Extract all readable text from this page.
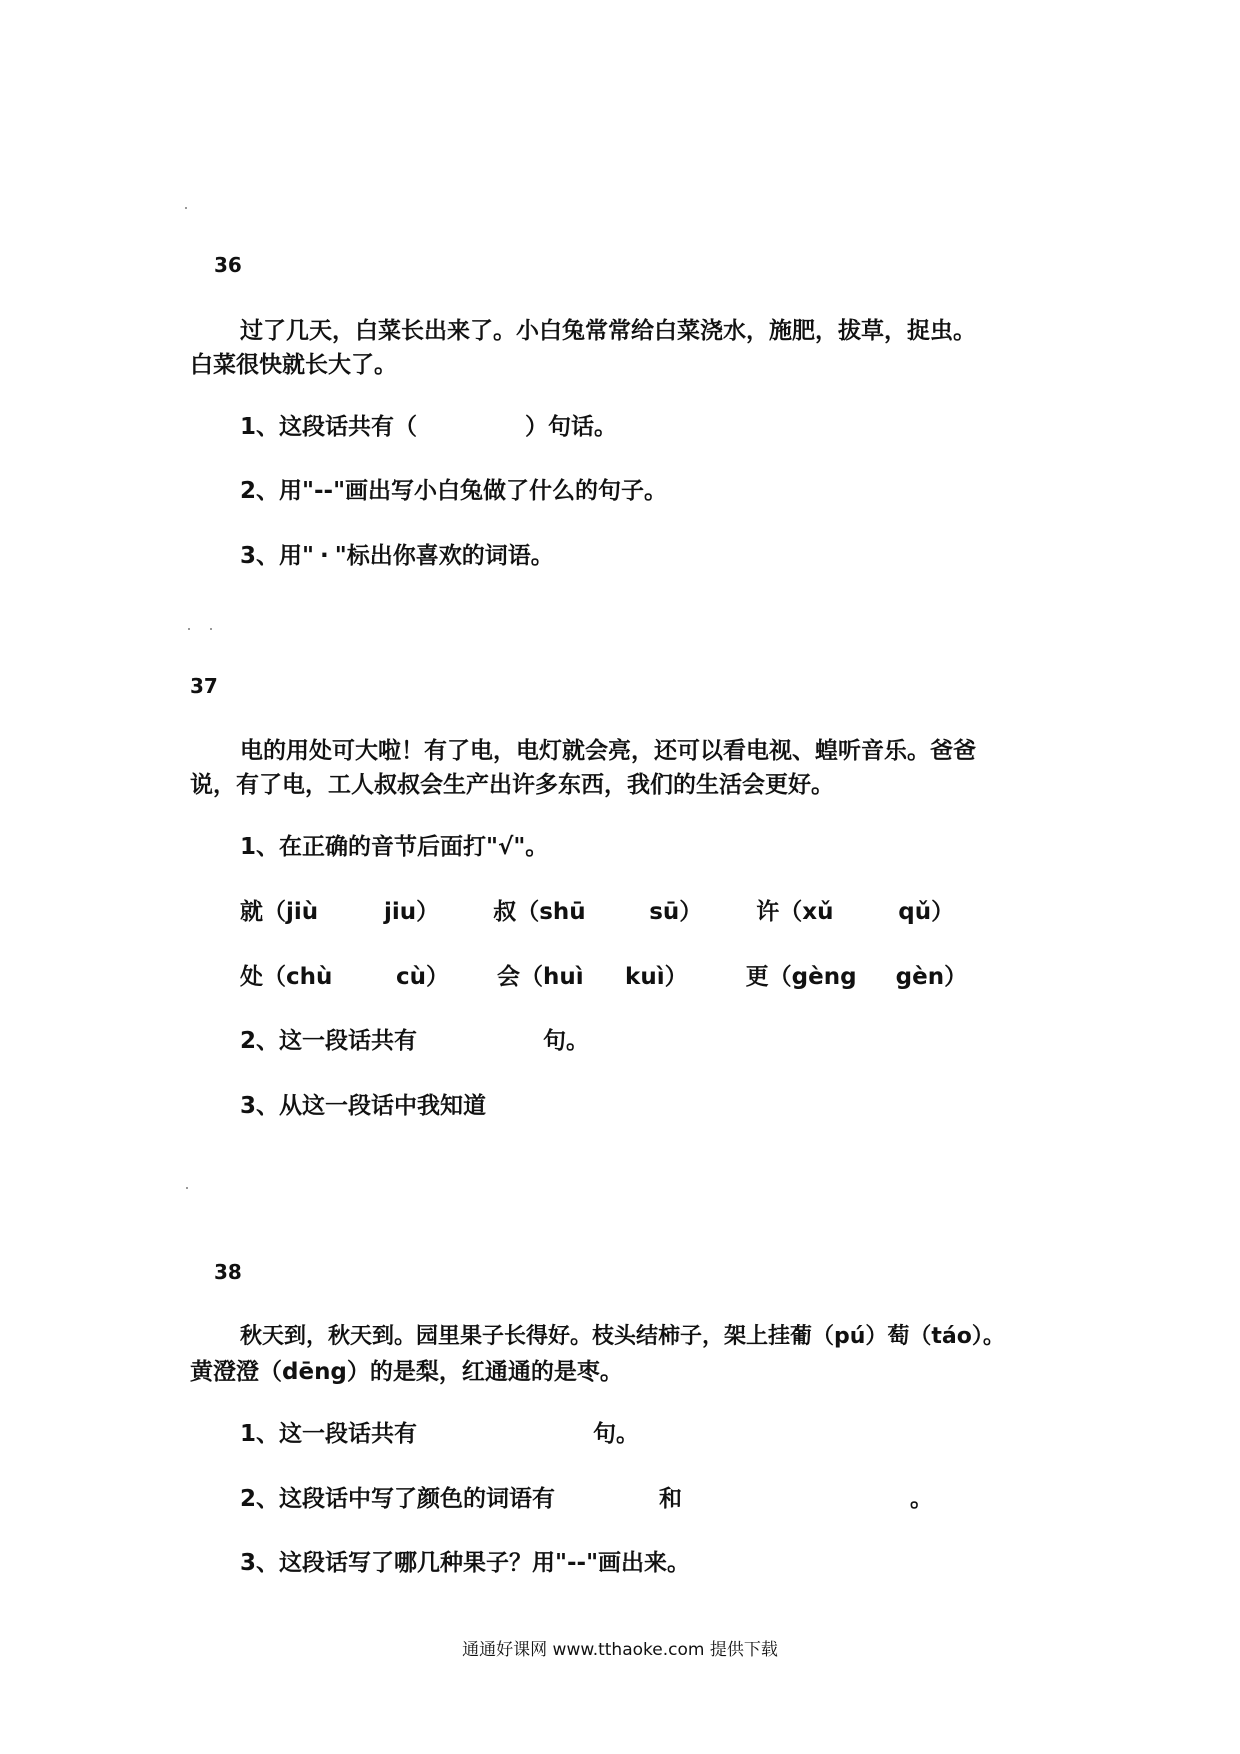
36
过了几天，白菜长出来了。小白兔常常给白菜浇水，施肥，拔草，捉虫。
白菜很快就长大了。
1、这段话共有（	）句话。
2、用"--"画出写小白兔做了什么的句子。
3、用" · "标出你喜欢的词语。
37
电的用处可大啦！有了电，电灯就会亮，还可以看电视、蝗听音乐。爸爸
说，有了电，工人叔叔会生产出许多东西，我们的生活会更好。
1、在正确的音节后面打"√"。
就（jiù	jiu） 叔（shū	sū） 许（xǔ	qǔ）
处（chù	cù） 会（huì kuì）	更（gèng gèn）
2、这一段话共有	句。
3、从这一段话中我知道
38
秋天到，秋天到。园里果子长得好。枝头结柿子，架上挂葡（pú）萄（táo）。
黄澄澄（dēng）的是梨，红通通的是枣。
1、这一段话共有	句。
2、这段话中写了颜色的词语有	和	。
3、这段话写了哪几种果子？用"--"画出来。
通通好课网 www.tthaoke.com 提供下载
